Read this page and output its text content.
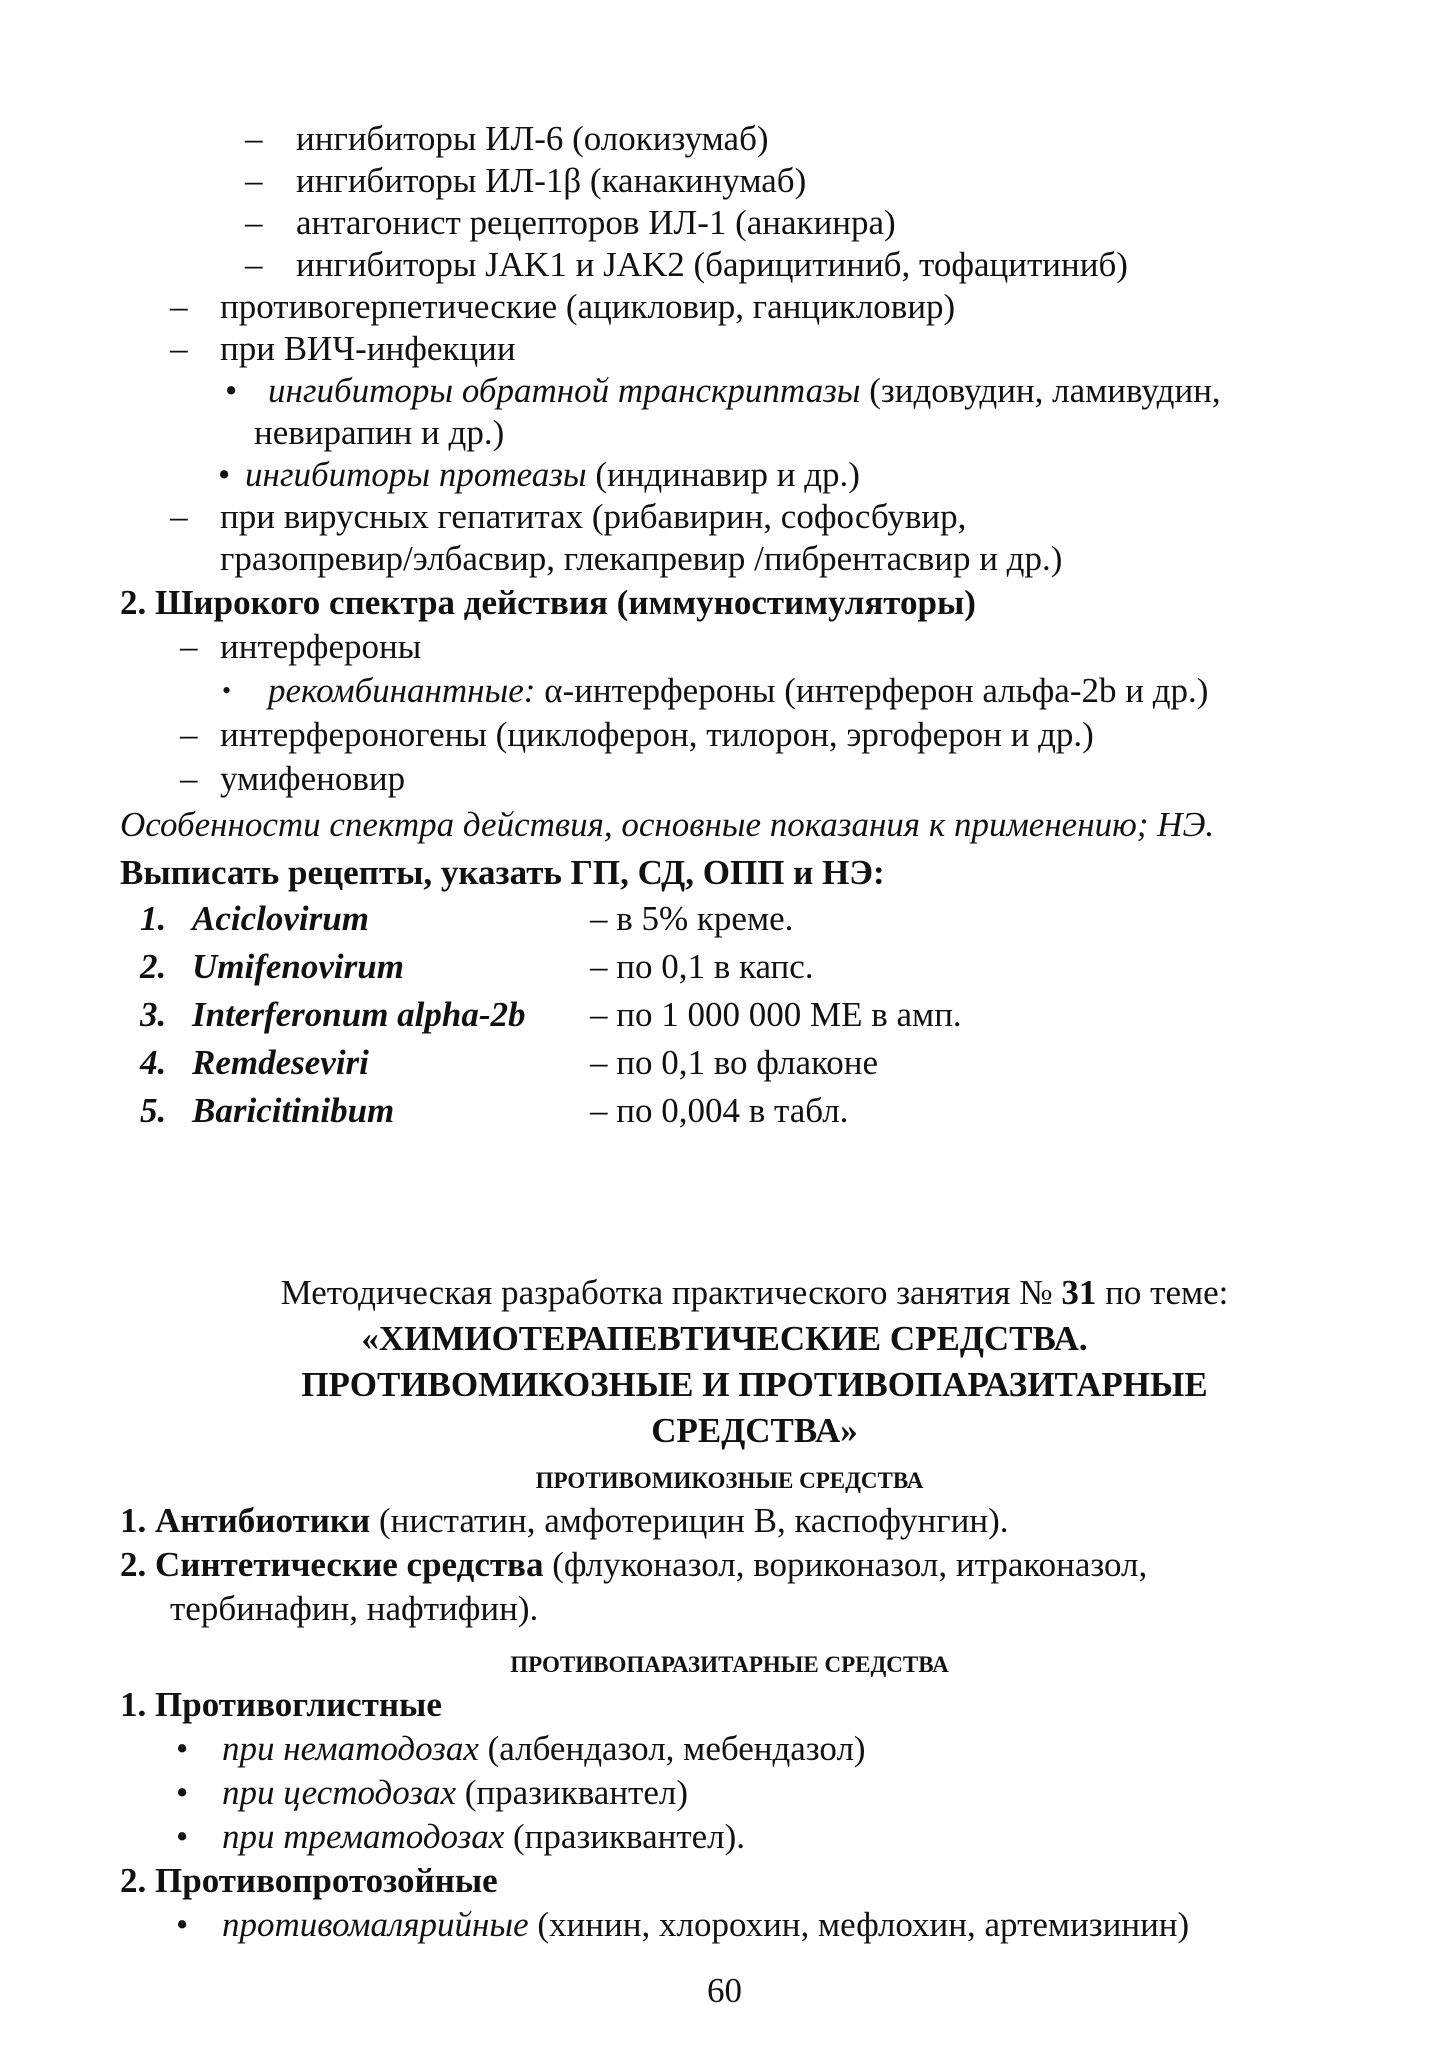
– ингибиторы ИЛ-6 (олокизумаб)
– ингибиторы ИЛ-1β (канакинумаб)
– антагонист рецепторов ИЛ-1 (анакинра)
– ингибиторы JAK1 и JAK2 (барицитиниб, тофацитиниб)
– противогерпетические (ацикловир, ганцикловир)
– при ВИЧ-инфекции
• ингибиторы обратной транскриптазы (зидовудин, ламивудин,
невирапин и др.)
• ингибиторы протеазы (индинавир и др.)
– при вирусных гепатитах (рибавирин, софосбувир,
гразопревир/элбасвир, глекапревир /пибрентасвир и др.)
2. Широкого спектра действия (иммуностимуляторы)
– интерфероны
• рекомбинантные: α-интерфероны (интерферон альфа-2b и др.)
– интерфероногены (циклоферон, тилорон, эргоферон и др.)
– умифеновир
Особенности спектра действия, основные показания к применению; НЭ.
Выписать рецепты, указать ГП, СД, ОПП и НЭ:
1. Aciclovirum	– в 5% креме.
2. Umifenovirum	– по 0,1 в капс.
3. Interferonum alpha-2b – по 1 000 000 МЕ в амп.
4. Remdeseviri	– по 0,1 во флаконе
5. Baricitinibum	– по 0,004 в табл.
Методическая разработка практического занятия № 31 по теме:
«ХИМИОТЕРАПЕВТИЧЕСКИЕ СРЕДСТВА.
ПРОТИВОМИКОЗНЫЕ И ПРОТИВОПАРАЗИТАРНЫЕ
СРЕДСТВА»
ПРОТИВОМИКОЗНЫЕ СРЕДСТВА
1. Антибиотики (нистатин, амфотерицин В, каспофунгин).
2. Синтетические средства (флуконазол, вориконазол, итраконазол,
тербинафин, нафтифин).
ПРОТИВОПАРАЗИТАРНЫЕ СРЕДСТВА
1. Противоглистные
• при нематодозах (албендазол, мебендазол)
• при цестодозах (празиквантел)
• при трематодозах (празиквантел).
2. Противопротозойные
• противомалярийные (хинин, хлорохин, мефлохин, артемизинин)
60
